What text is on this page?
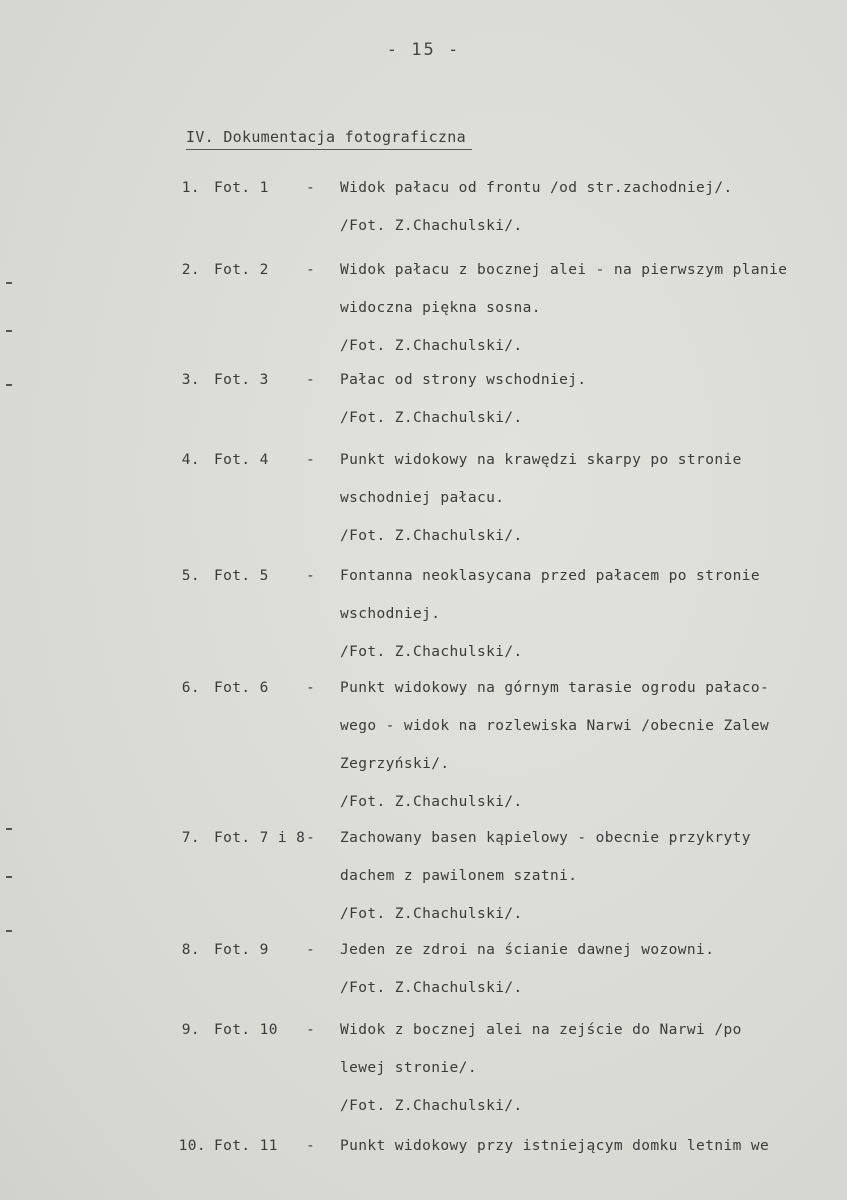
- 15 -
IV. Dokumentacja fotograficzna
1. Fot. 1	- Widok pałacu od frontu /od str.zachodniej/.
/Fot. Z.Chachulski/.
2. Fot. 2	- Widok pałacu z bocznej alei - na pierwszym planie
widoczna piękna sosna.
/Fot. Z.Chachulski/.
3. Fot. 3	- Pałac od strony wschodniej.
/Fot. Z.Chachulski/.
4. Fot. 4	- Punkt widokowy na krawędzi skarpy po stronie
wschodniej pałacu.
/Fot. Z.Chachulski/.
5. Fot. 5	- Fontanna neoklasycana przed pałacem po stronie
wschodniej.
/Fot. Z.Chachulski/.
6. Fot. 6	- Punkt widokowy na górnym tarasie ogrodu pałaco-
wego - widok na rozlewiska Narwi /obecnie Zalew
Zegrzyński/.
/Fot. Z.Chachulski/.
7. Fot. 7 i 8 - Zachowany basen kąpielowy - obecnie przykryty
dachem z pawilonem szatni.
/Fot. Z.Chachulski/.
8. Fot. 9	- Jeden ze zdroi na ścianie dawnej wozowni.
/Fot. Z.Chachulski/.
9. Fot. 10 - Widok z bocznej alei na zejście do Narwi /po
lewej stronie/.
/Fot. Z.Chachulski/.
10. Fot. 11 - Punkt widokowy przy istniejącym domku letnim we
